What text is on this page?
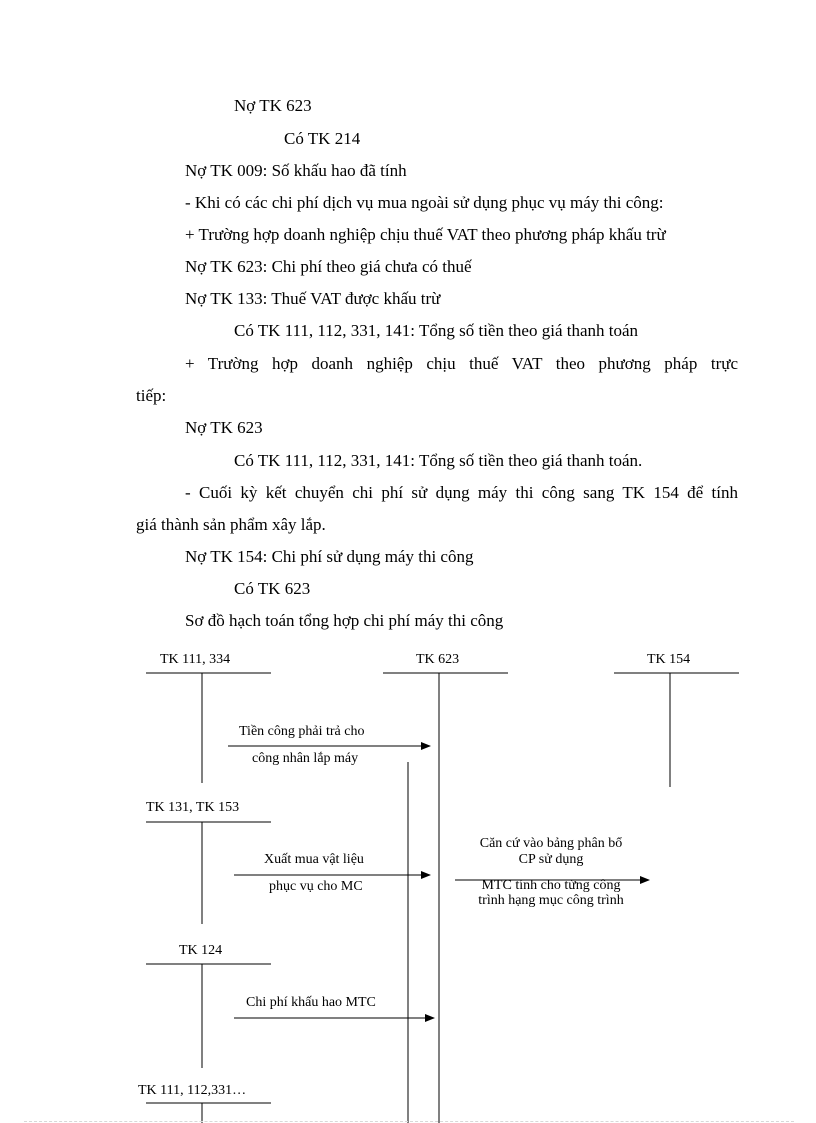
Nợ TK 623
Có TK 214
Nợ TK 009: Số khấu hao đã tính
- Khi có các chi phí dịch vụ mua ngoài sử dụng phục vụ máy thi công:
+ Trường hợp doanh nghiệp chịu thuế VAT theo phương pháp khấu trừ
Nợ TK 623: Chi phí theo giá chưa có thuế
Nợ TK 133: Thuế VAT được khấu trừ
Có TK 111, 112, 331, 141: Tổng số tiền theo giá thanh toán
+ Trường hợp doanh nghiệp chịu thuế VAT theo phương pháp trực
tiếp:
Nợ TK 623
Có TK 111, 112, 331, 141: Tổng số tiền theo giá thanh toán.
- Cuối kỳ kết chuyển chi phí sử dụng máy thi công sang TK 154 để tính
giá thành sản phẩm xây lắp.
Nợ TK 154: Chi phí sử dụng máy thi công
Có TK 623
Sơ đồ hạch toán tổng hợp chi phí máy thi công
TK 111, 334	TK 623	TK 154
TK 131, TK 153
TK 124
TK 111, 112,331…
Tiền công phải trả cho
công nhân lắp máy
Xuất mua vật liệu
phục vụ cho MC
Chi phí khấu hao MTC
Căn cứ vào bảng phân bổ
CP sử dụng
MTC tính cho từng công
trình hạng mục công trình
